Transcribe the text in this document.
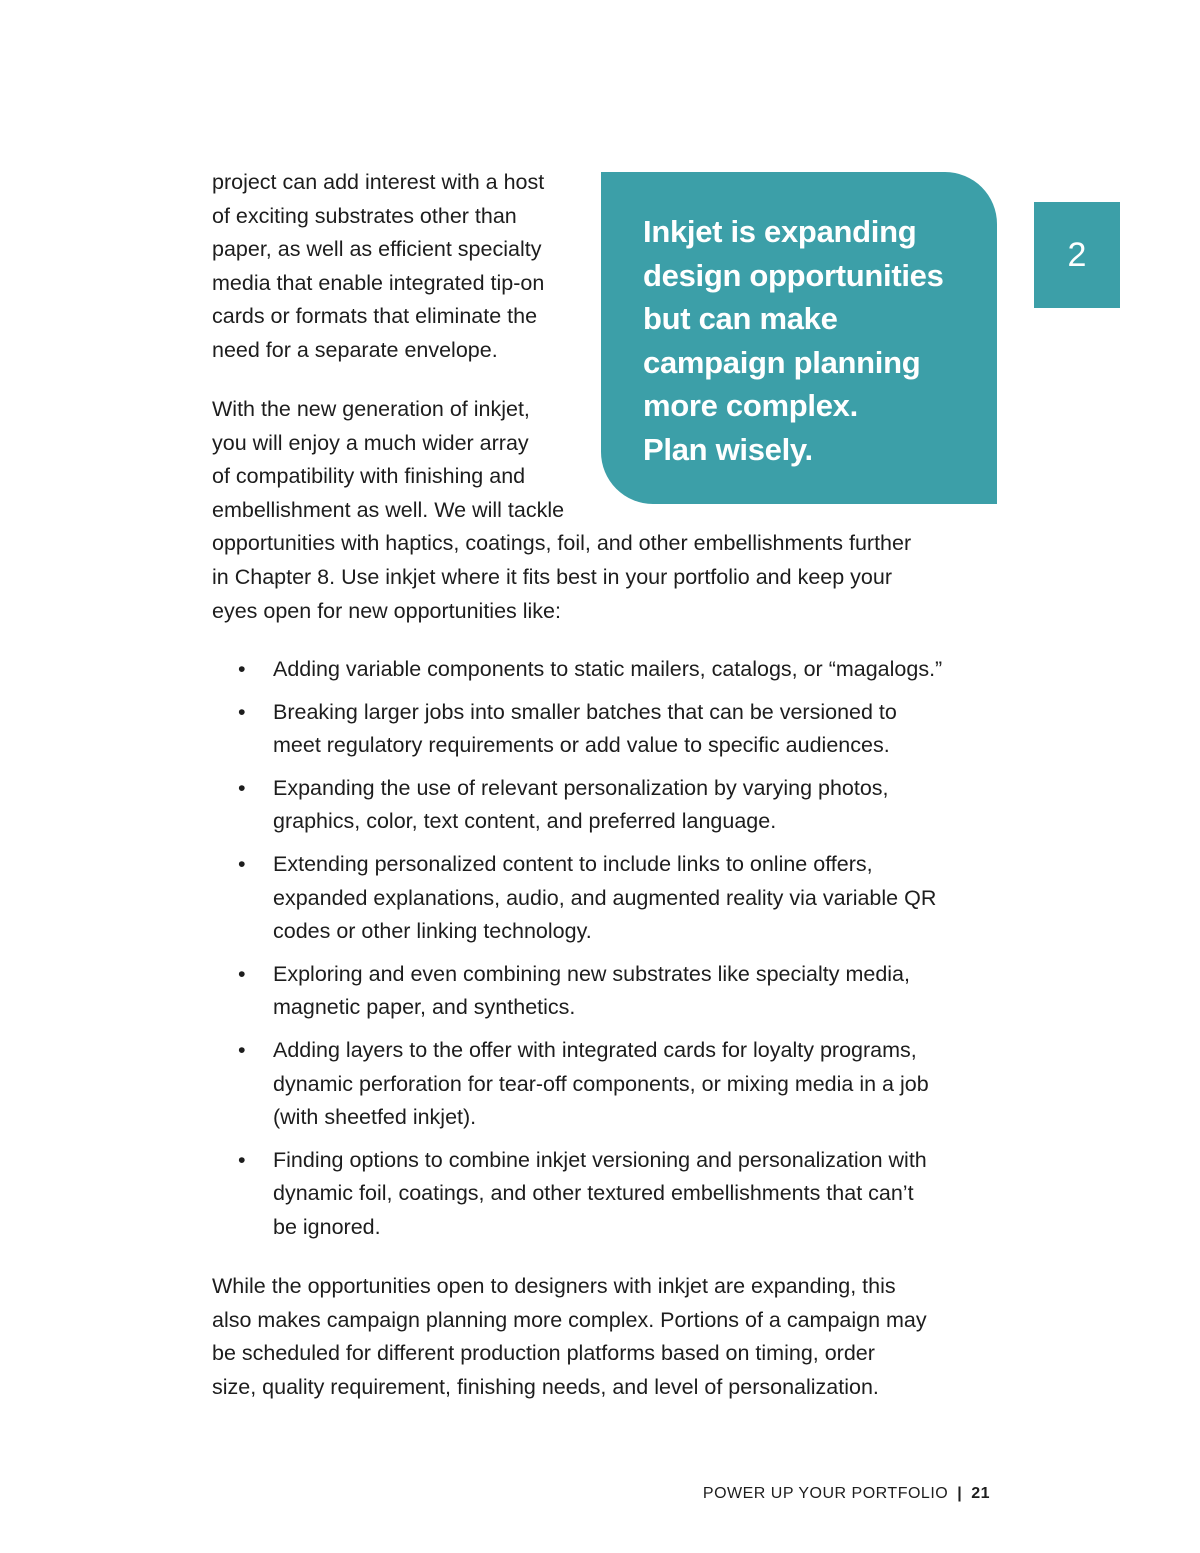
2
Inkjet is expanding
design opportunities
but can make
campaign planning
more complex.
Plan wisely.
project can add interest with a host
of exciting substrates other than
paper, as well as efficient specialty
media that enable integrated tip-on
cards or formats that eliminate the
need for a separate envelope.
With the new generation of inkjet,
you will enjoy a much wider array
of compatibility with finishing and
embellishment as well. We will tackle
opportunities with haptics, coatings, foil, and other embellishments further
in Chapter 8. Use inkjet where it fits best in your portfolio and keep your
eyes open for new opportunities like:
• Adding variable components to static mailers, catalogs, or “magalogs.”
• Breaking larger jobs into smaller batches that can be versioned to
meet regulatory requirements or add value to specific audiences.
• Expanding the use of relevant personalization by varying photos,
graphics, color, text content, and preferred language.
• Extending personalized content to include links to online offers,
expanded explanations, audio, and augmented reality via variable QR
codes or other linking technology.
• Exploring and even combining new substrates like specialty media,
magnetic paper, and synthetics.
• Adding layers to the offer with integrated cards for loyalty programs,
dynamic perforation for tear-off components, or mixing media in a job
(with sheetfed inkjet).
• Finding options to combine inkjet versioning and personalization with
dynamic foil, coatings, and other textured embellishments that can’t
be ignored.
While the opportunities open to designers with inkjet are expanding, this
also makes campaign planning more complex. Portions of a campaign may
be scheduled for different production platforms based on timing, order
size, quality requirement, finishing needs, and level of personalization.
POWER UP YOUR PORTFOLIO | 21
